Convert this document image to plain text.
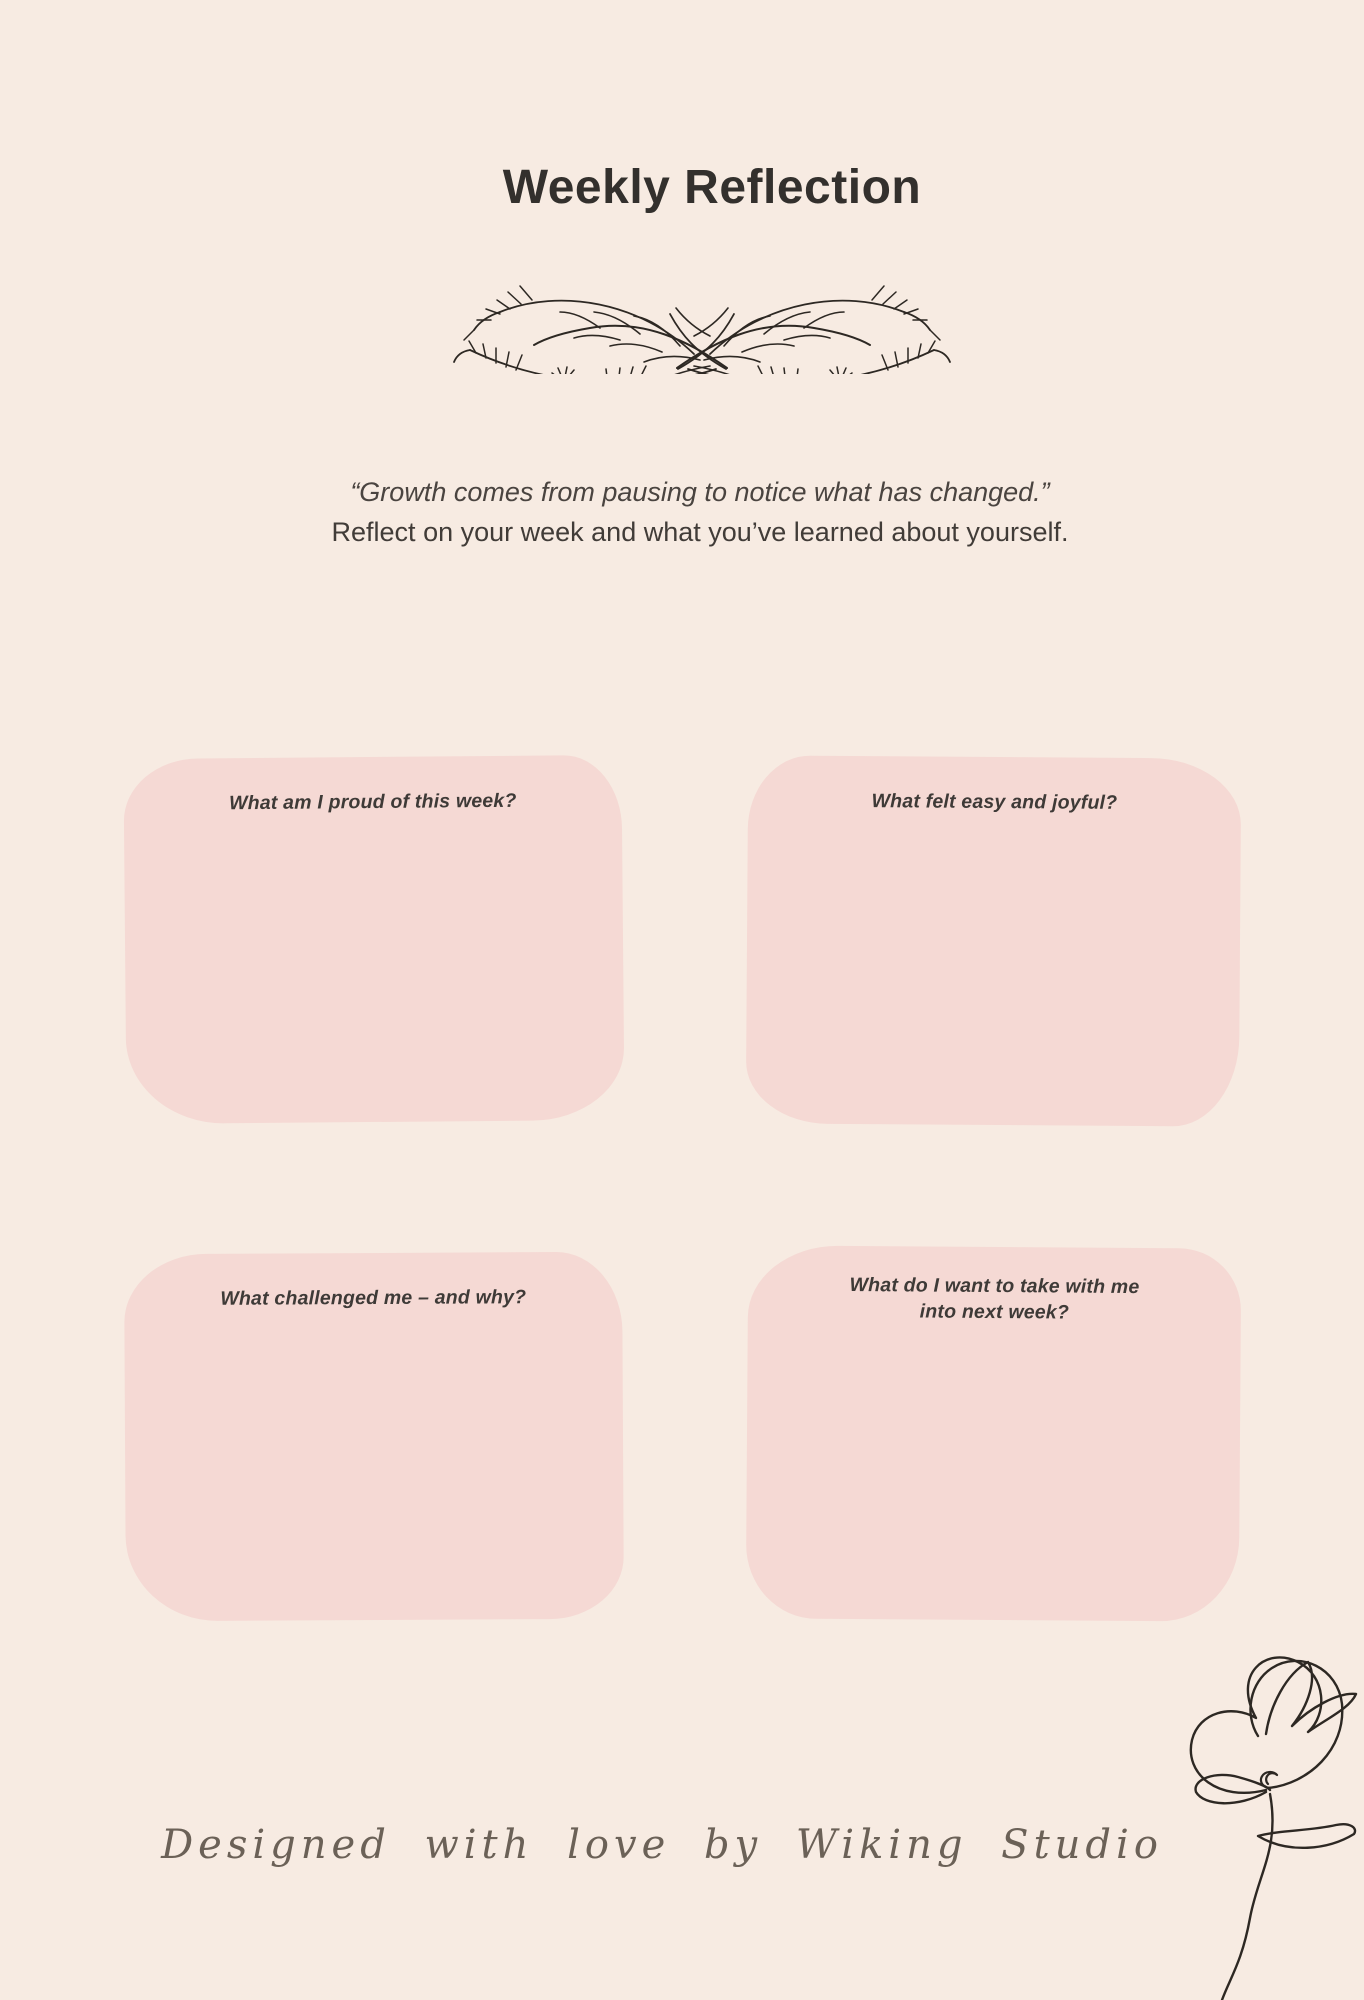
Weekly Reflection
“Growth comes from pausing to notice what has changed.”
Reflect on your week and what you’ve learned about yourself.
What am I proud of this week?	What felt easy and joyful?
What challenged me – and why?	What do I want to take with me into next week?
Designed with love by Wiking Studio
